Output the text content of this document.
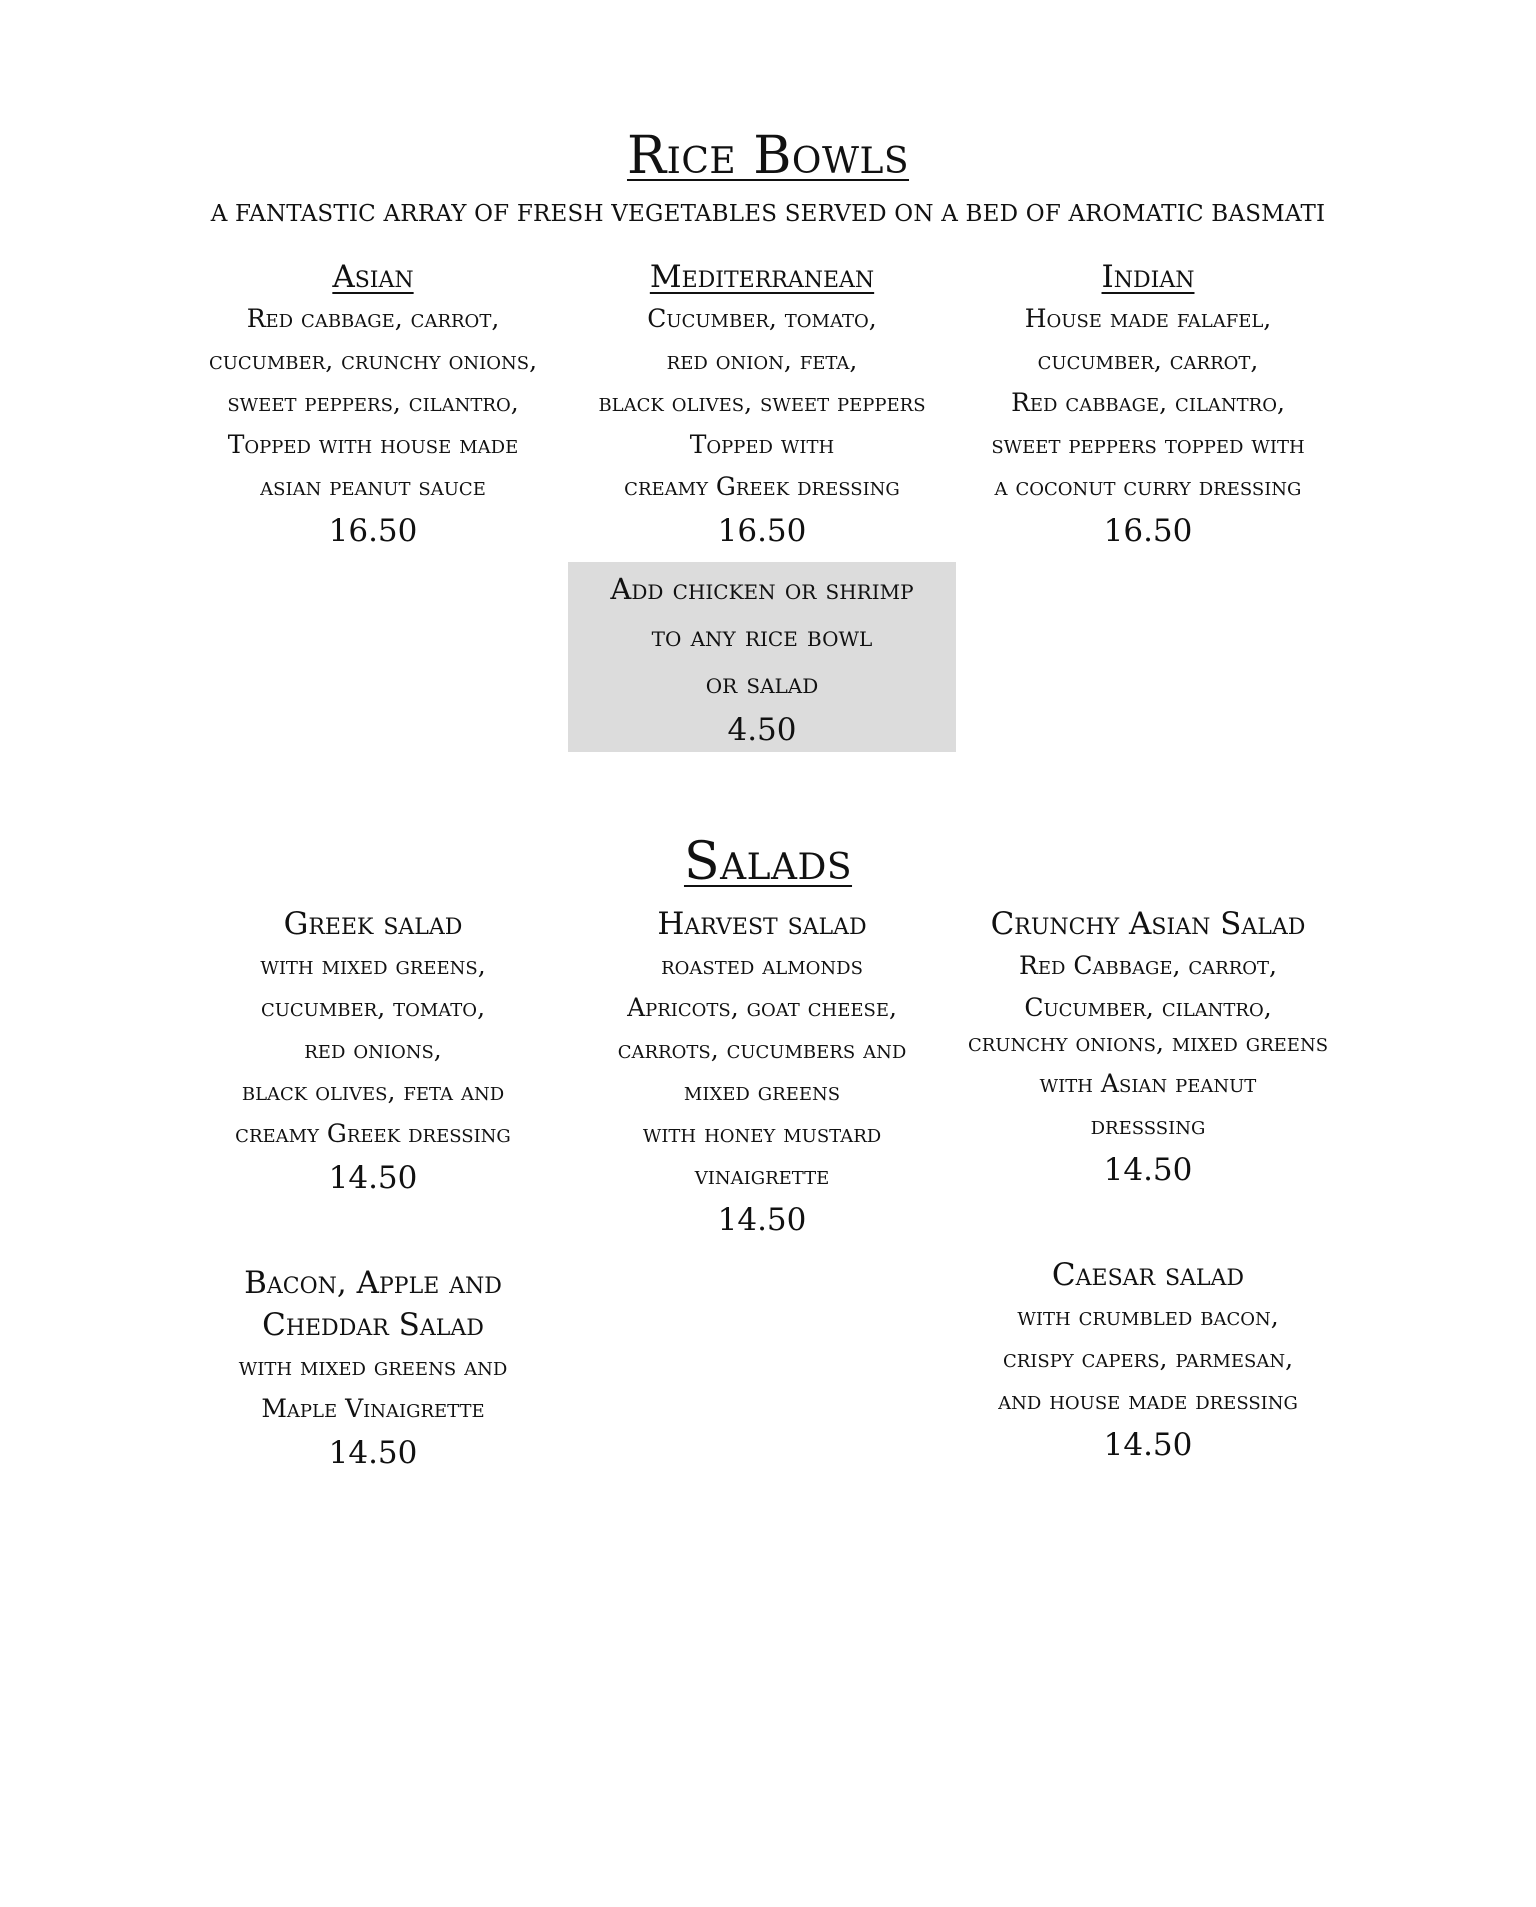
Rice Bowls
A FANTASTIC ARRAY OF FRESH VEGETABLES SERVED ON A BED OF AROMATIC BASMATI
Asian
Red cabbage, carrot,
cucumber, crunchy onions,
sweet peppers, cilantro,
Topped with house made
asian peanut sauce
16.50
Mediterranean
Cucumber, tomato,
red onion, feta,
black olives, sweet peppers
Topped with
creamy Greek dressing
16.50
Indian
House made falafel,
cucumber, carrot,
Red cabbage, cilantro,
sweet peppers topped with
a coconut curry dressing
16.50
Add chicken or shrimp
to any rice bowl
or salad
4.50
Salads
Greek salad
with mixed greens,
cucumber, tomato,
red onions,
black olives, feta and
creamy Greek dressing
14.50
Harvest salad
roasted almonds
Apricots, goat cheese,
carrots, cucumbers and
mixed greens
with honey mustard
vinaigrette
14.50
Crunchy Asian Salad
Red Cabbage, carrot,
Cucumber, cilantro,
crunchy onions, mixed greens
with Asian peanut
dresssing
14.50
Bacon, Apple and Cheddar Salad
with mixed greens and
Maple Vinaigrette
14.50
Caesar salad
with crumbled bacon,
crispy capers, parmesan,
and house made dressing
14.50
